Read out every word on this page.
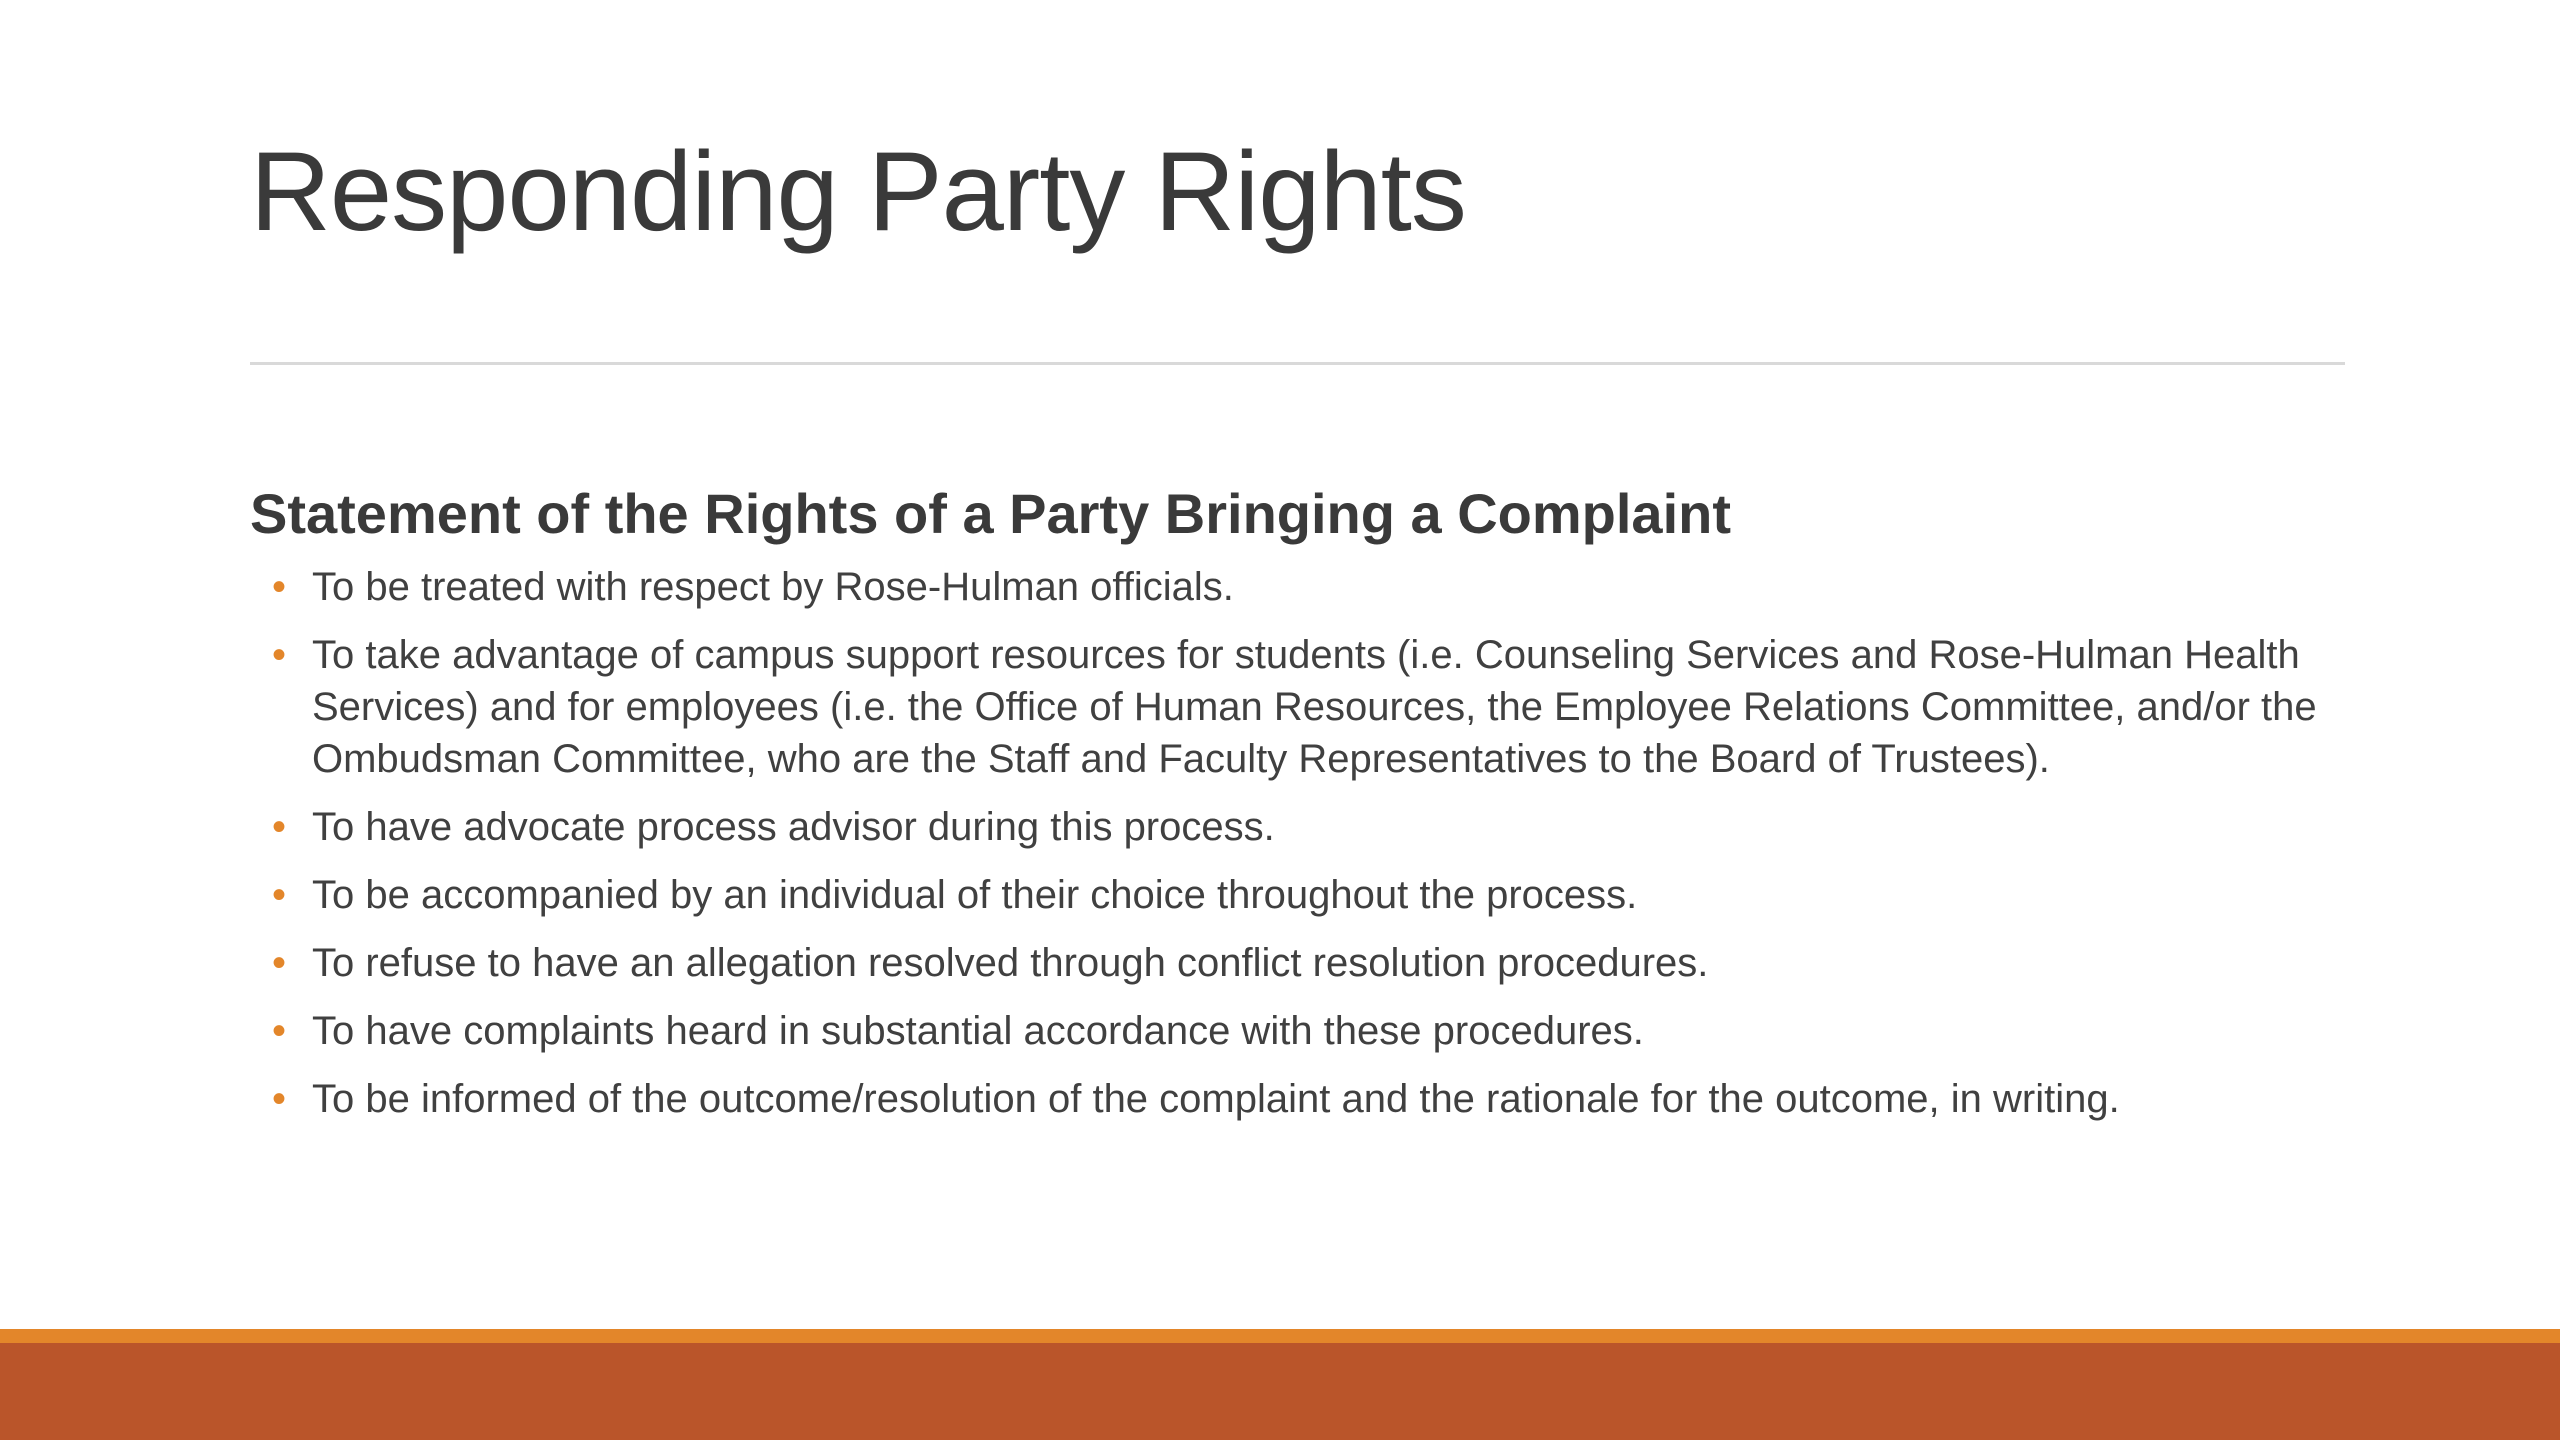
Responding Party Rights
Statement of the Rights of a Party Bringing a Complaint
• To be treated with respect by Rose-Hulman officials.
• To take advantage of campus support resources for students (i.e. Counseling Services and Rose-Hulman Health Services) and for employees (i.e. the Office of Human Resources, the Employee Relations Committee, and/or the Ombudsman Committee, who are the Staff and Faculty Representatives to the Board of Trustees).
• To have advocate process advisor during this process.
• To be accompanied by an individual of their choice throughout the process.
• To refuse to have an allegation resolved through conflict resolution procedures.
• To have complaints heard in substantial accordance with these procedures.
• To be informed of the outcome/resolution of the complaint and the rationale for the outcome, in writing.
